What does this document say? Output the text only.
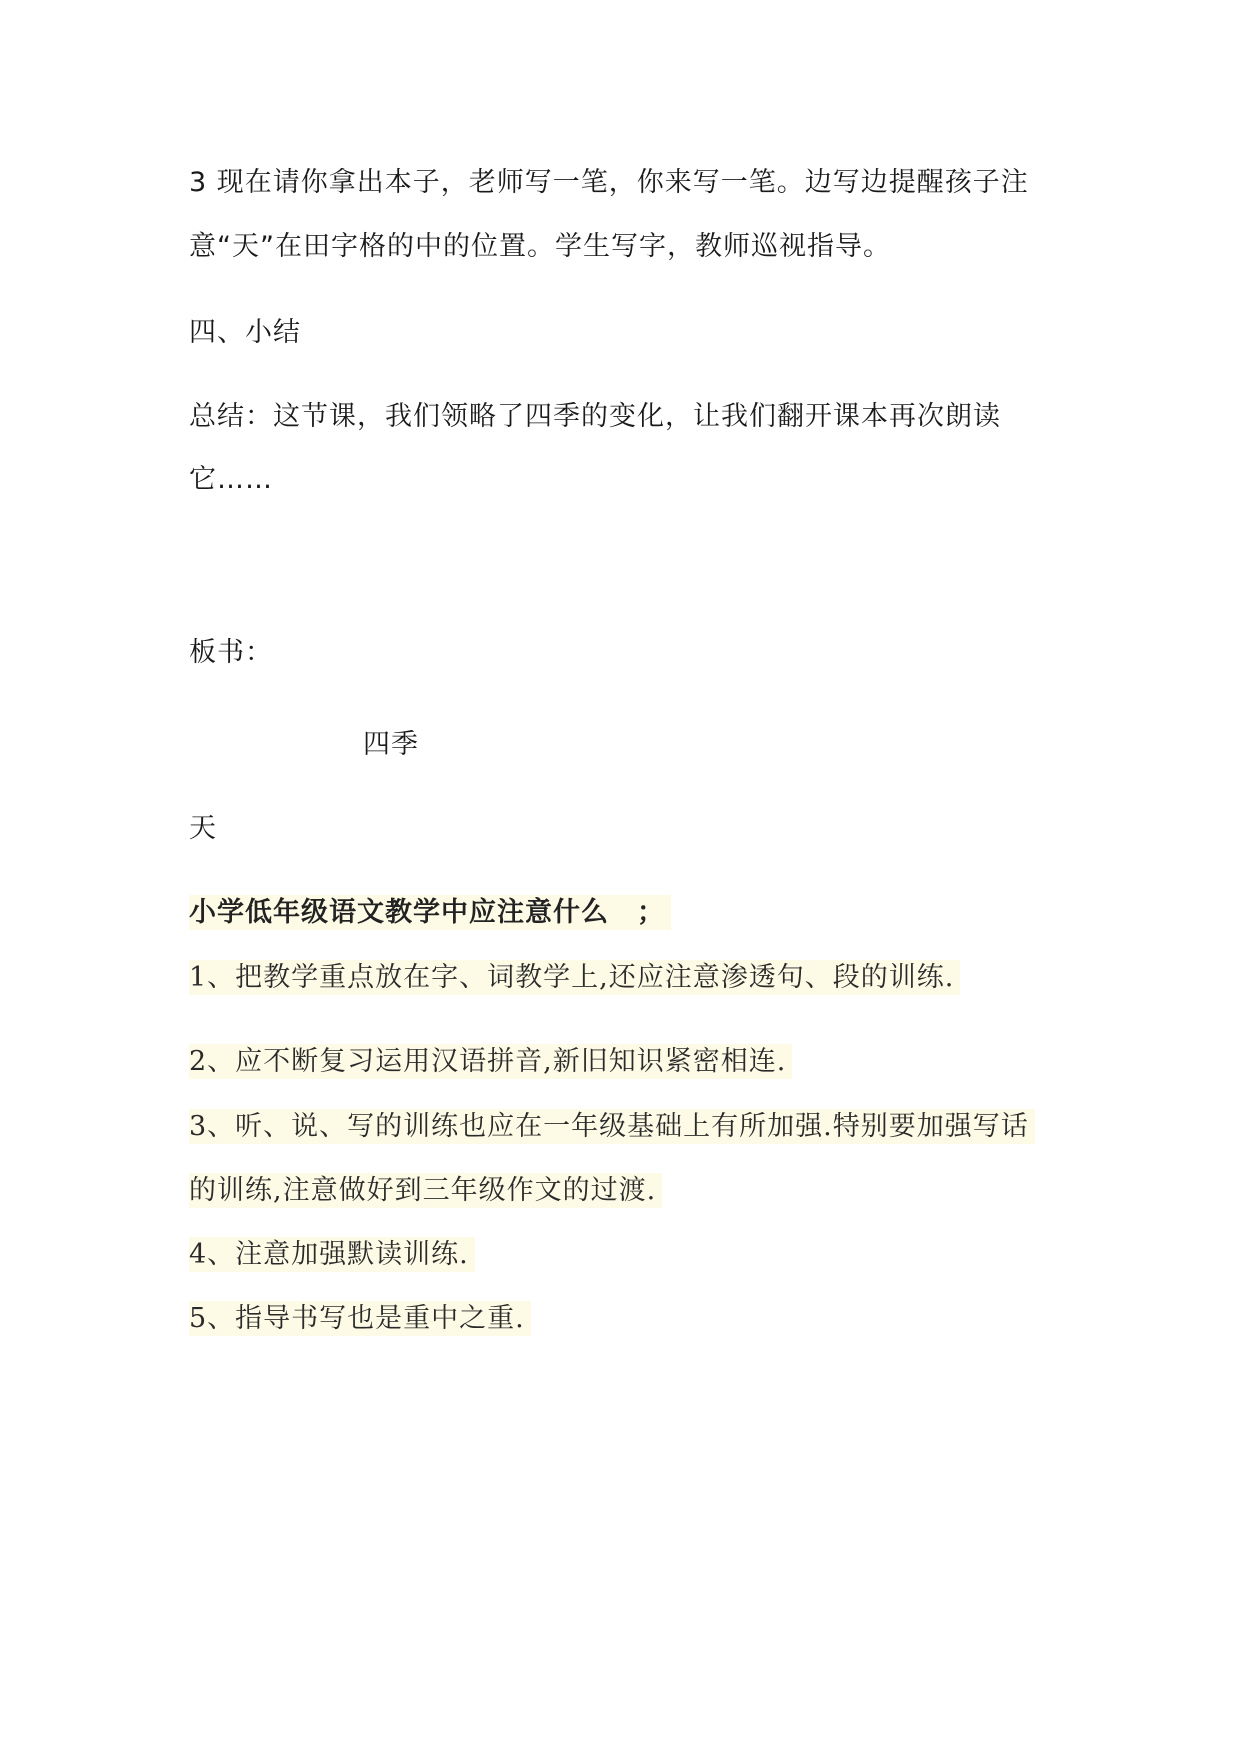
3 现在请你拿出本子，老师写一笔，你来写一笔。边写边提醒孩子注
意“天”在田字格的中的位置。学生写字，教师巡视指导。
四、小结
总结：这节课，我们领略了四季的变化，让我们翻开课本再次朗读
它……
板书：
四季
天
小学低年级语文教学中应注意什么　；
1、把教学重点放在字、词教学上,还应注意渗透句、段的训练.
2、应不断复习运用汉语拼音,新旧知识紧密相连.
3、听、说、写的训练也应在一年级基础上有所加强.特别要加强写话
的训练,注意做好到三年级作文的过渡.
4、注意加强默读训练.
5、指导书写也是重中之重.
